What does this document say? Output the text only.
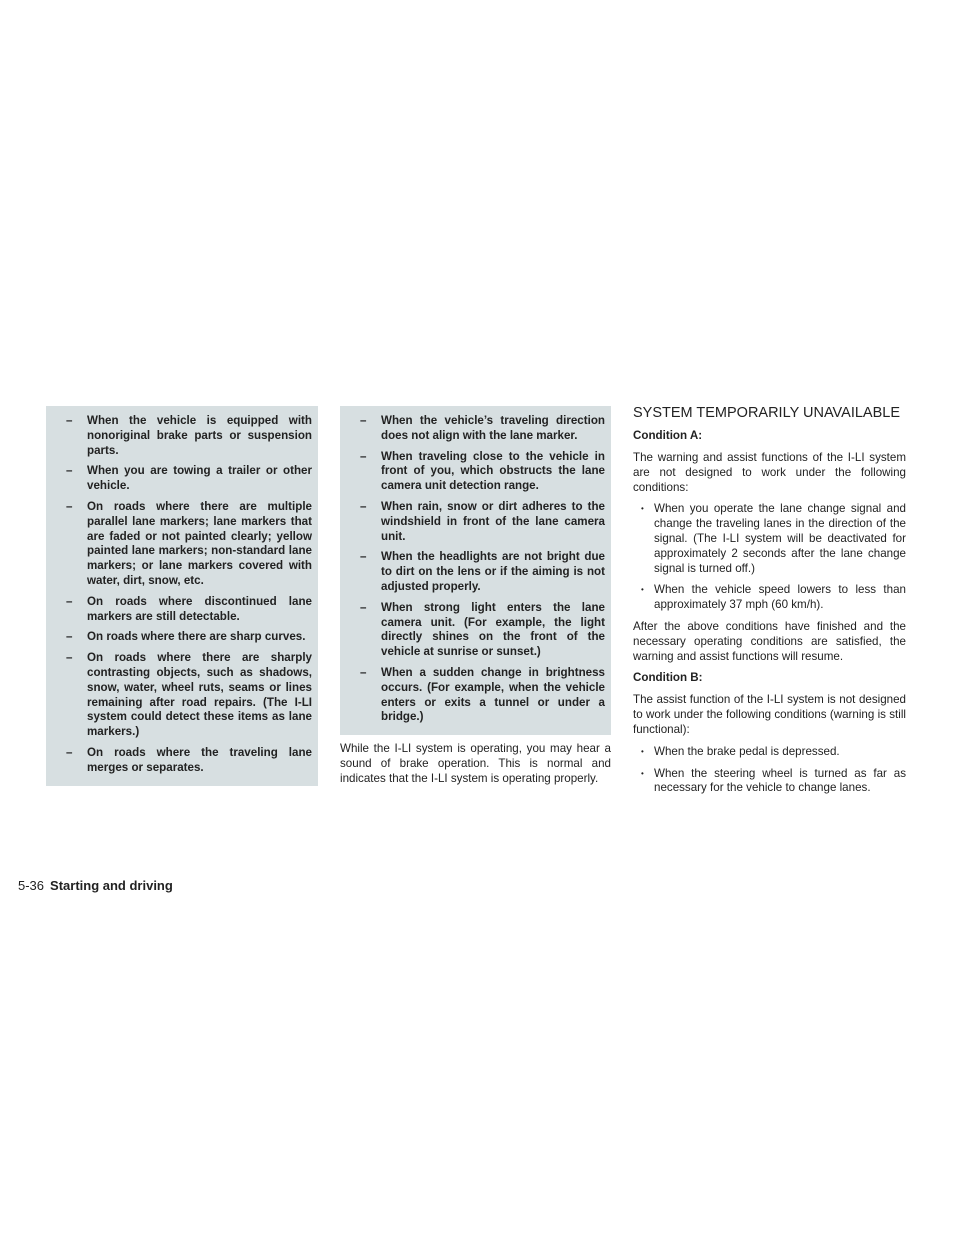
– When the vehicle is equipped with nonoriginal brake parts or suspension parts.
– When you are towing a trailer or other vehicle.
– On roads where there are multiple parallel lane markers; lane markers that are faded or not painted clearly; yellow painted lane markers; non-standard lane markers; or lane markers covered with water, dirt, snow, etc.
– On roads where discontinued lane markers are still detectable.
– On roads where there are sharp curves.
– On roads where there are sharply contrasting objects, such as shadows, snow, water, wheel ruts, seams or lines remaining after road repairs. (The I-LI system could detect these items as lane markers.)
– On roads where the traveling lane merges or separates.
– When the vehicle’s traveling direction does not align with the lane marker.
– When traveling close to the vehicle in front of you, which obstructs the lane camera unit detection range.
– When rain, snow or dirt adheres to the windshield in front of the lane camera unit.
– When the headlights are not bright due to dirt on the lens or if the aiming is not adjusted properly.
– When strong light enters the lane camera unit. (For example, the light directly shines on the front of the vehicle at sunrise or sunset.)
– When a sudden change in brightness occurs. (For example, when the vehicle enters or exits a tunnel or under a bridge.)
While the I-LI system is operating, you may hear a sound of brake operation. This is normal and indicates that the I-LI system is operating properly.
SYSTEM TEMPORARILY UNAVAILABLE
Condition A:

The warning and assist functions of the I-LI system are not designed to work under the following conditions:

• When you operate the lane change signal and change the traveling lanes in the direction of the signal. (The I-LI system will be deactivated for approximately 2 seconds after the lane change signal is turned off.)
• When the vehicle speed lowers to less than approximately 37 mph (60 km/h).

After the above conditions have finished and the necessary operating conditions are satisfied, the warning and assist functions will resume.

Condition B:

The assist function of the I-LI system is not designed to work under the following conditions (warning is still functional):

• When the brake pedal is depressed.
• When the steering wheel is turned as far as necessary for the vehicle to change lanes.
5-36 Starting and driving
